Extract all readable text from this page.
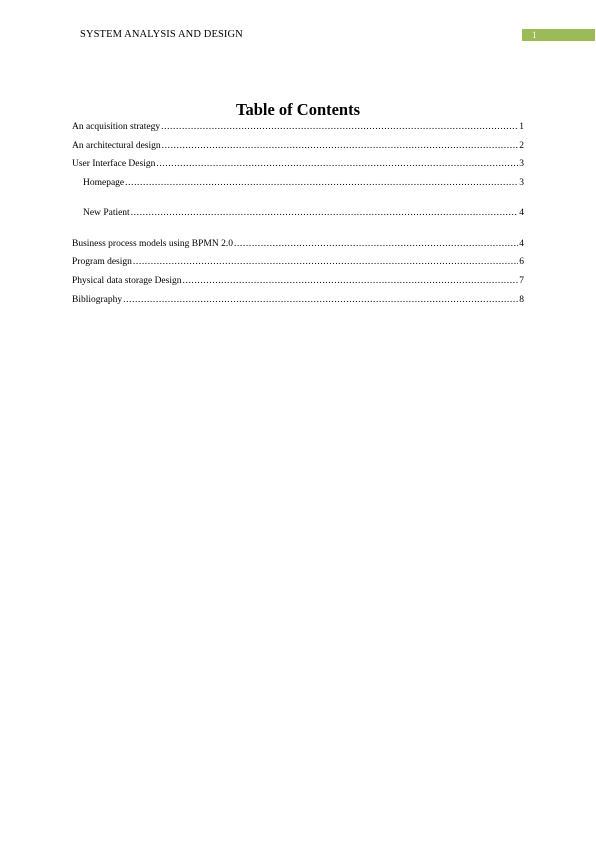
SYSTEM ANALYSIS AND DESIGN	1
Table of Contents
An acquisition strategy .....	1
An architectural design .....	2
User Interface Design .....	3
Homepage .....	3
New Patient .....	4
Business process models using BPMN 2.0 .....	4
Program design .....	6
Physical data storage Design .....	7
Bibliography .....	8
